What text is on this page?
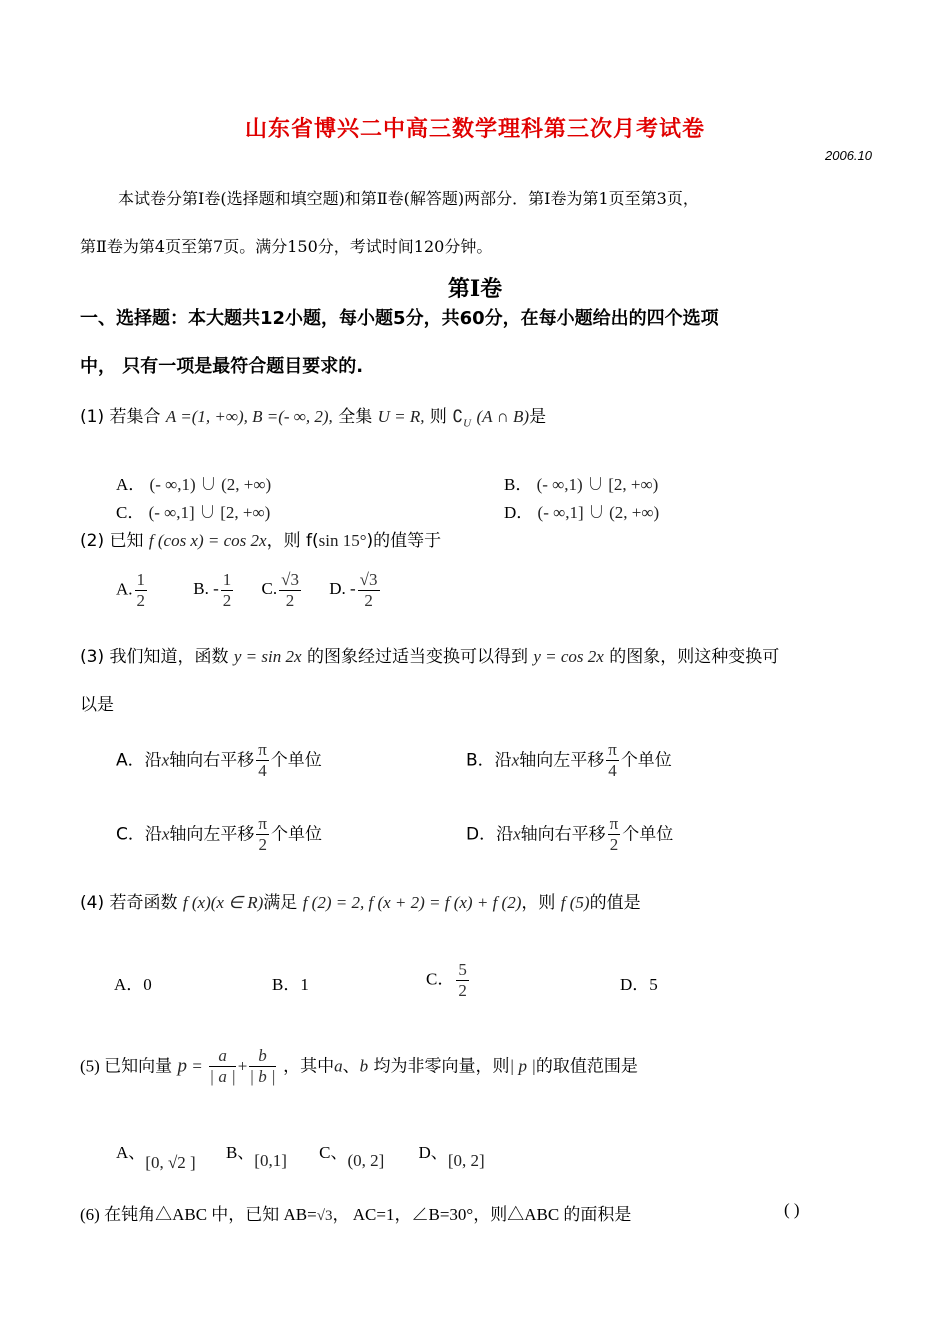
山东省博兴二中高三数学理科第三次月考试卷
2006.10
本试卷分第Ⅰ卷(选择题和填空题)和第Ⅱ卷(解答题)两部分．第Ⅰ卷为第1页至第3页，
第Ⅱ卷为第4页至第7页。满分150分，考试时间120分钟。
第Ⅰ卷
一、选择题：本大题共12小题，每小题5分，共60分，在每小题给出的四个选项
中， 只有一项是最符合题目要求的.
(1) 若集合 A =(1, +∞), B =(- ∞, 2), 全集 U = R, 则 $∁_U$ (A ∩ B)是
A． (- ∞,1) ∪ (2, +∞)	B． (- ∞,1) ∪ [2, +∞)
C． (- ∞,1] ∪ [2, +∞)	D． (- ∞,1] ∪ (2, +∞)
(2) 已知 f (cos x) = cos 2x，则 f(sin 15°)的值等于
A. $\frac{1}{2}$	B. - $\frac{1}{2} C$. $\frac{√3}{2} D$. - $\frac{√3}{2}$
(3) 我们知道，函数 y = sin 2x 的图象经过适当变换可以得到 y = cos 2x 的图象，则这种变换可
以是
A．沿x轴向右平移 $\frac{\pi}{4}$ 个单位	B．沿x轴向左平移 $\frac{\pi}{4}$ 个单位
C．沿x轴向左平移 $\frac{\pi}{2}$ 个单位	D．沿x轴向右平移 $\frac{\pi}{2}$ 个单位
(4) 若奇函数 f (x)(x ∈ R)满足 f (2) = 2, f (x + 2) = f (x) + f (2)，则 f (5)的值是
A．0	B．1	C． $\frac{5}{2}$	D．5
(5) 已知向量 $p = \frac{a}{| a |} + \frac{b}{| b |}$ ，其中a、b 均为非零向量，则| p |的取值范围是
A、[0, √2 ] B、[0,1] C、(0, 2] D、[0, 2]
(6) 在钝角△ABC 中，已知 AB=√3， AC=1，∠B=30°，则△ABC 的面积是	( )
